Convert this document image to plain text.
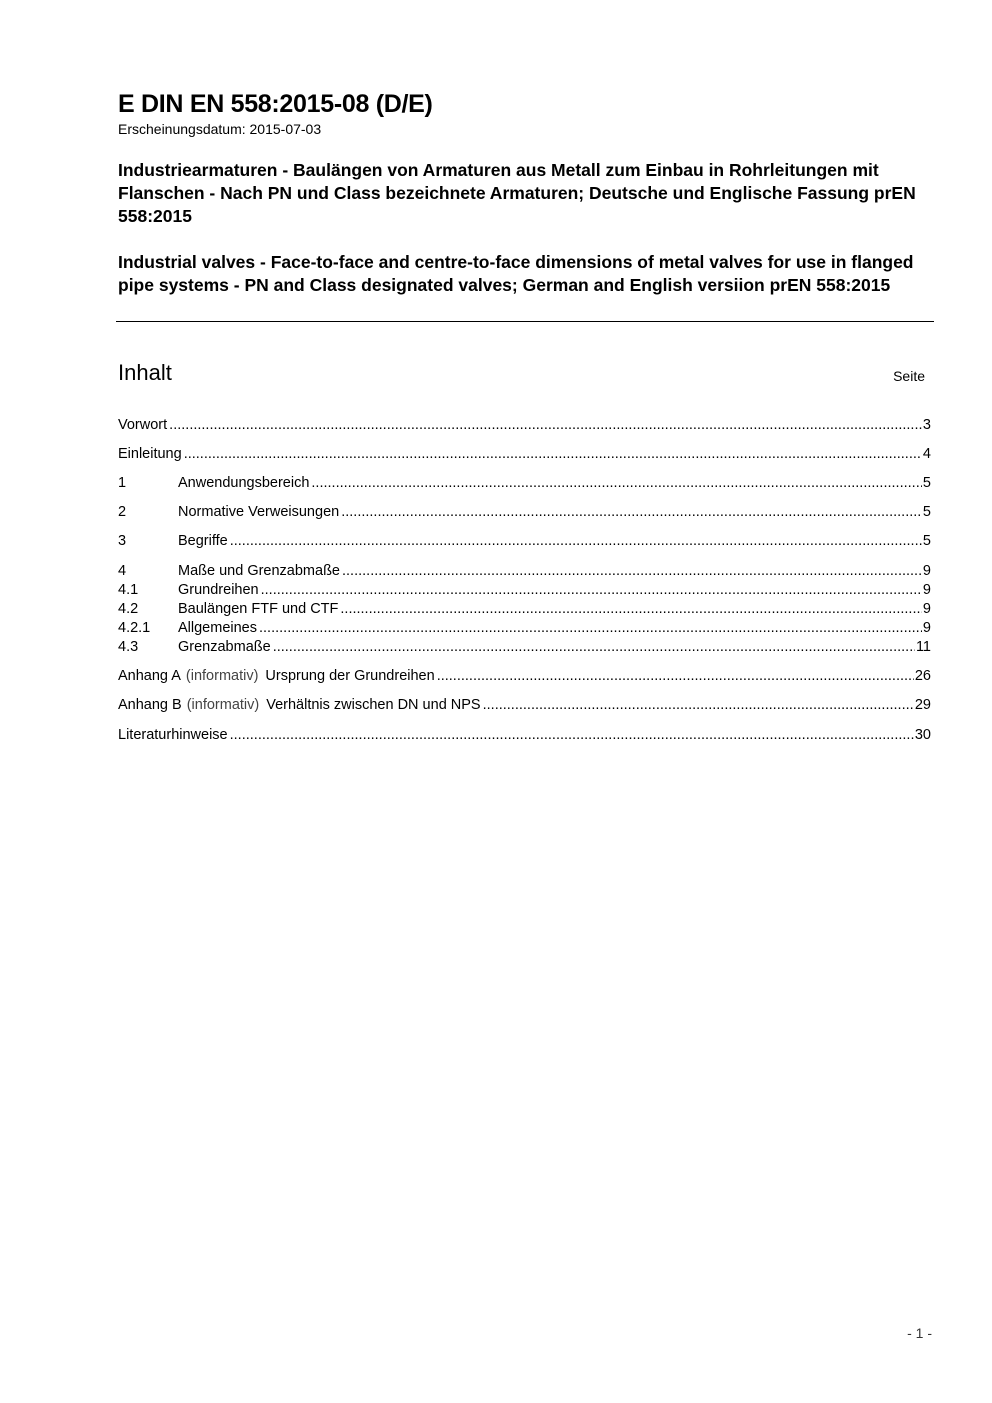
E DIN EN 558:2015-08 (D/E)
Erscheinungsdatum: 2015-07-03
Industriearmaturen - Baulängen von Armaturen aus Metall zum Einbau in Rohrleitungen mit Flanschen - Nach PN und Class bezeichnete Armaturen; Deutsche und Englische Fassung prEN 558:2015
Industrial valves - Face-to-face and centre-to-face dimensions of metal valves for use in flanged pipe systems - PN and Class designated valves; German and English versiion prEN 558:2015
Inhalt	Seite
Vorwort .....	3
Einleitung .....	4
1	Anwendungsbereich .....	5
2	Normative Verweisungen .....	5
3	Begriffe .....	5
4	Maße und Grenzabmaße .....	9
4.1	Grundreihen .....	9
4.2	Baulängen FTF und CTF .....	9
4.2.1	Allgemeines .....	9
4.3	Grenzabmaße .....	11
Anhang A (informativ) Ursprung der Grundreihen .....	26
Anhang B (informativ) Verhältnis zwischen DN und NPS .....	29
Literaturhinweise .....	30
- 1 -
